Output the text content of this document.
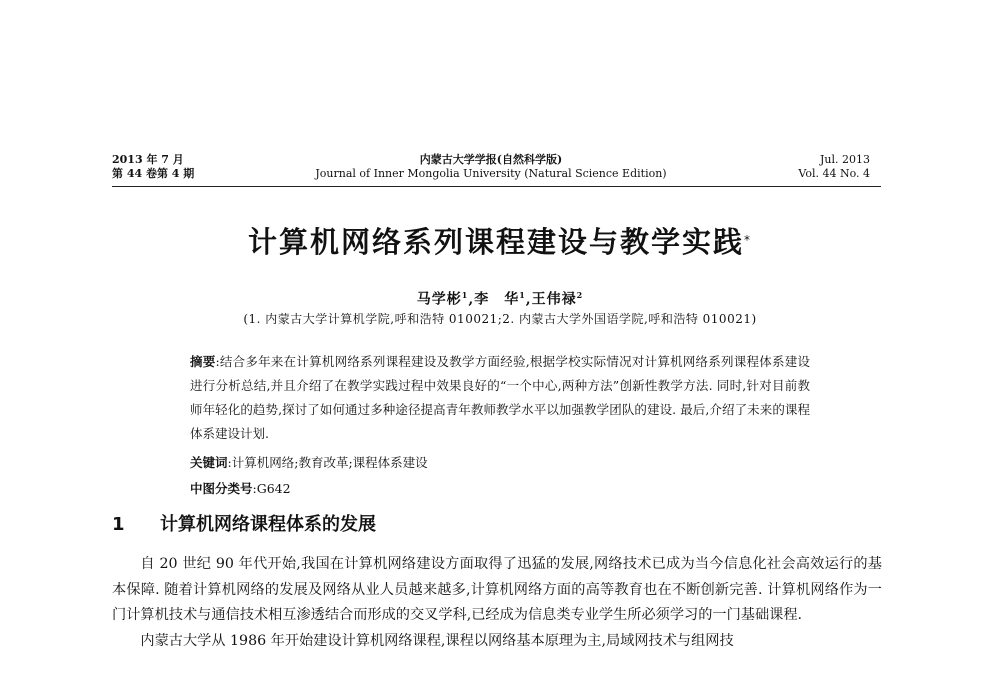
2013 年 7 月
第 44 卷第 4 期
内蒙古大学学报(自然科学版)
Journal of Inner Mongolia University (Natural Science Edition)
Jul. 2013
Vol. 44 No. 4
计算机网络系列课程建设与教学实践*
马学彬$^1$,李　华$^1$,王伟禄$^2$
(1. 内蒙古大学计算机学院,呼和浩特 010021;2. 内蒙古大学外国语学院,呼和浩特 010021)
摘要:结合多年来在计算机网络系列课程建设及教学方面经验,根据学校实际情况对计算机网络系列课程体系建设进行分析总结,并且介绍了在教学实践过程中效果良好的“一个中心,两种方法”创新性教学方法. 同时,针对目前教师年轻化的趋势,探讨了如何通过多种途径提高青年教师教学水平以加强教学团队的建设. 最后,介绍了未来的课程体系建设计划.
关键词:计算机网络;教育改革;课程体系建设
中图分类号:G642
1 计算机网络课程体系的发展

自 20 世纪 90 年代开始,我国在计算机网络建设方面取得了迅猛的发展,网络技术已成为当今信息化社会高效运行的基本保障. 随着计算机网络的发展及网络从业人员越来越多,计算机网络方面的高等教育也在不断创新完善. 计算机网络作为一门计算机技术与通信技术相互渗透结合而形成的交叉学科,已经成为信息类专业学生所必须学习的一门基础课程.

内蒙古大学从 1986 年开始建设计算机网络课程,课程以网络基本原理为主,局域网技术与组网技
